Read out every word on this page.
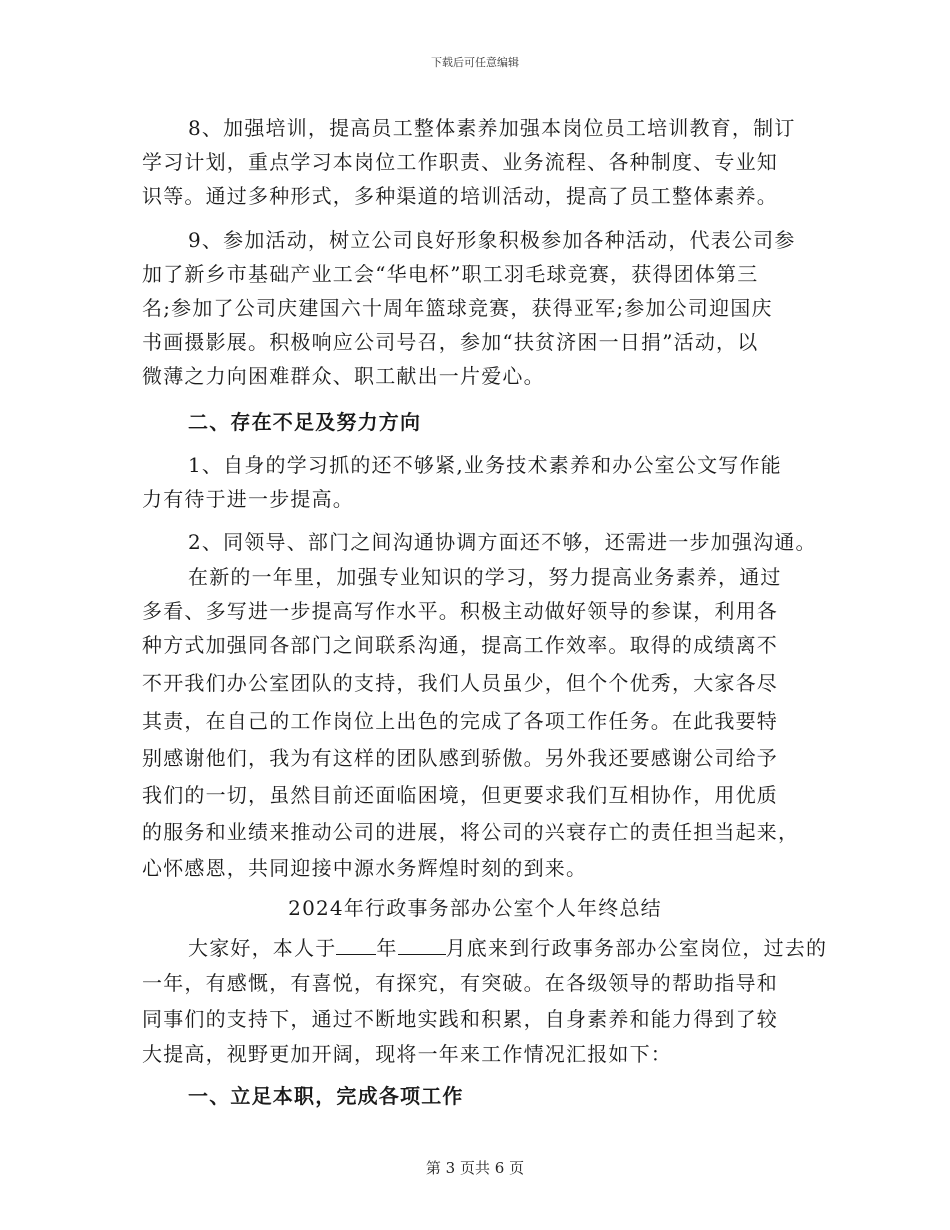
下载后可任意编辑
8、加强培训，提高员工整体素养加强本岗位员工培训教育，制订
学习计划，重点学习本岗位工作职责、业务流程、各种制度、专业知
识等。通过多种形式，多种渠道的培训活动，提高了员工整体素养。
9、参加活动，树立公司良好形象积极参加各种活动，代表公司参
加了新乡市基础产业工会“华电杯”职工羽毛球竞赛，获得团体第三
名;参加了公司庆建国六十周年篮球竞赛，获得亚军;参加公司迎国庆
书画摄影展。积极响应公司号召，参加“扶贫济困一日捐”活动，以
微薄之力向困难群众、职工献出一片爱心。
二、存在不足及努力方向
1、自身的学习抓的还不够紧,业务技术素养和办公室公文写作能
力有待于进一步提高。
2、同领导、部门之间沟通协调方面还不够，还需进一步加强沟通。
在新的一年里，加强专业知识的学习，努力提高业务素养，通过
多看、多写进一步提高写作水平。积极主动做好领导的参谋，利用各
种方式加强同各部门之间联系沟通，提高工作效率。取得的成绩离不
不开我们办公室团队的支持，我们人员虽少，但个个优秀，大家各尽
其责，在自己的工作岗位上出色的完成了各项工作任务。在此我要特
别感谢他们，我为有这样的团队感到骄傲。另外我还要感谢公司给予
我们的一切，虽然目前还面临困境，但更要求我们互相协作，用优质
的服务和业绩来推动公司的进展，将公司的兴衰存亡的责任担当起来，
心怀感恩，共同迎接中源水务辉煌时刻的到来。
2024年行政事务部办公室个人年终总结
大家好，本人于 年 月底来到行政事务部办公室岗位，过去的
一年，有感慨，有喜悦，有探究，有突破。在各级领导的帮助指导和
同事们的支持下，通过不断地实践和积累，自身素养和能力得到了较
大提高，视野更加开阔，现将一年来工作情况汇报如下：
一、立足本职，完成各项工作
第 3 页共 6 页
